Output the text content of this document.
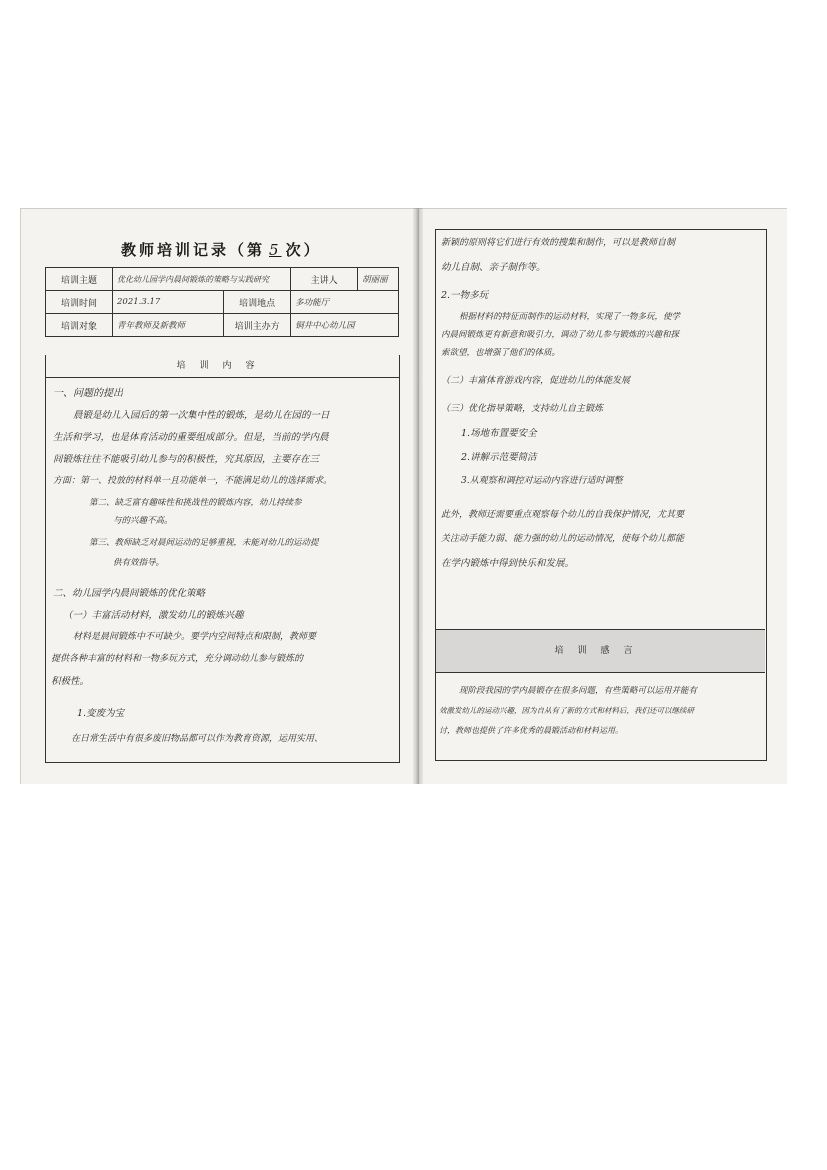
教师培训记录（第 5 次）
培训主题	优化幼儿园学内晨间锻炼的策略与实践研究		主讲人	胡丽丽
培训时间	2021.3.17	培训地点	多功能厅	
培训对象	青年教师及新教师	培训主办方	铜井中心幼儿园	
培训内容
一、问题的提出
晨锻是幼儿入园后的第一次集中性的锻炼，是幼儿在园的一日
生活和学习，也是体育活动的重要组成部分。但是，当前的学内晨
间锻炼往往不能吸引幼儿参与的积极性，究其原因，主要存在三
方面：第一、投放的材料单一且功能单一，不能满足幼儿的选择需求。
第二、缺乏富有趣味性和挑战性的锻炼内容，幼儿持续参
与的兴趣不高。
第三、教师缺乏对晨间运动的足够重视，未能对幼儿的运动提
供有效指导。
二、幼儿园学内晨间锻炼的优化策略
（一）丰富活动材料，激发幼儿的锻炼兴趣
材料是晨间锻炼中不可缺少。要学内空间特点和限制，教师要
提供各种丰富的材料和一物多玩方式，充分调动幼儿参与锻炼的
积极性。
1.变废为宝
在日常生活中有很多废旧物品都可以作为教育资源，运用实用、
新颖的原则将它们进行有效的搜集和制作，可以是教师自制
幼儿自制、亲子制作等。
2.一物多玩
根据材料的特征而制作的运动材料，实现了一物多玩，使学
内晨间锻炼更有新意和吸引力，调动了幼儿参与锻炼的兴趣和探
索欲望，也增强了他们的体质。
（二）丰富体育游戏内容，促进幼儿的体能发展
（三）优化指导策略，支持幼儿自主锻炼
1.场地布置要安全
2.讲解示范要简洁
3.从观察和调控对运动内容进行适时调整
此外，教师还需要重点观察每个幼儿的自我保护情况，尤其要
关注动手能力弱、能力强的幼儿的运动情况，使每个幼儿都能
在学内锻炼中得到快乐和发展。
培训感言
现阶段我园的学内晨锻存在很多问题，有些策略可以运用并能有
效激发幼儿的运动兴趣，因为自从有了新的方式和材料后，我们还可以继续研
讨，教师也提供了许多优秀的晨锻活动和材料运用。
